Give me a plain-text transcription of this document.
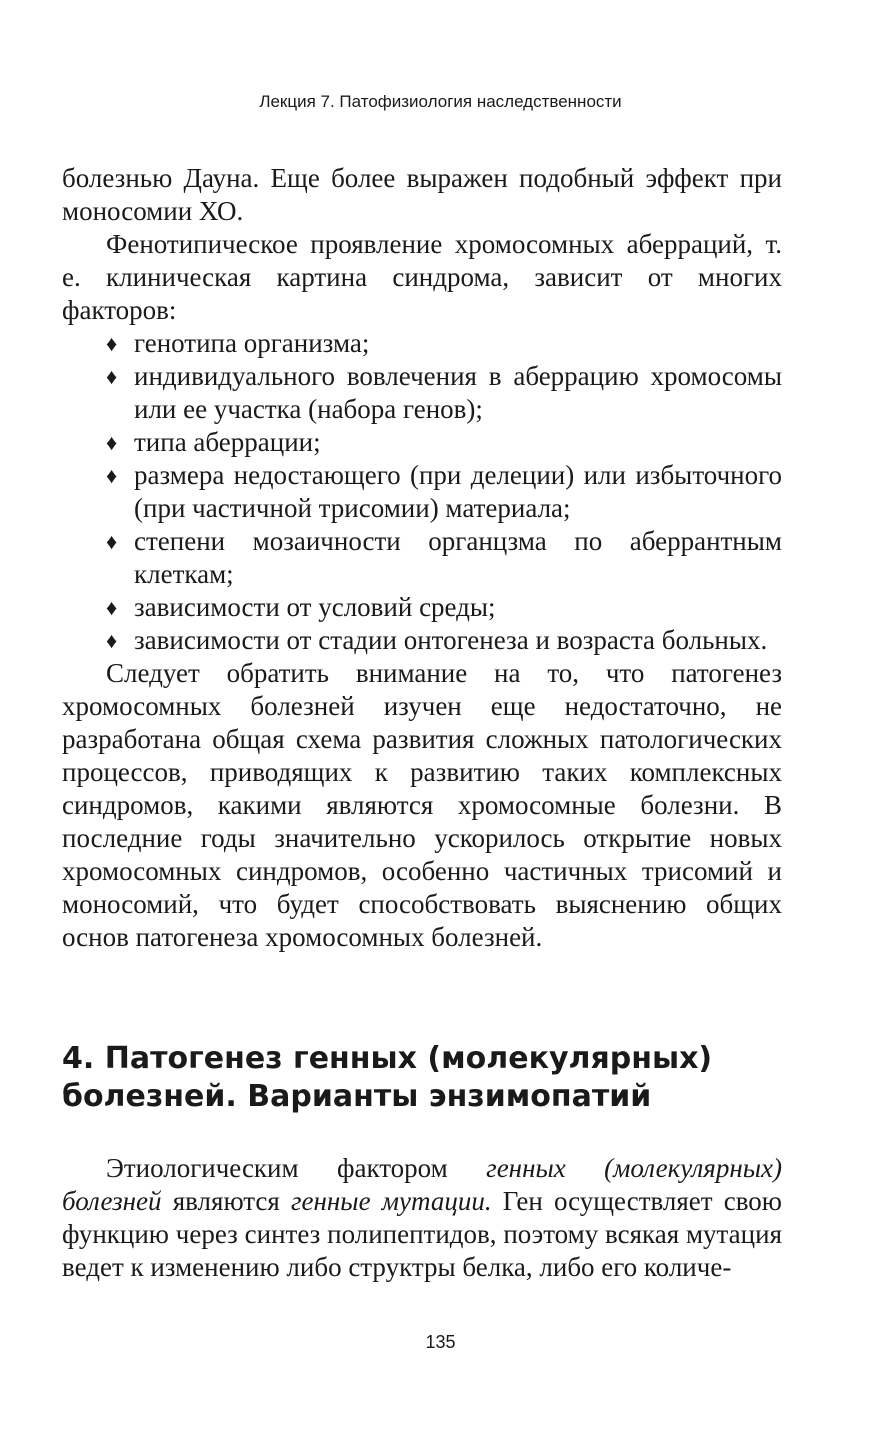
Лекция 7. Патофизиология наследственности

болезнью Дауна. Еще более выражен подобный эффект при моносомии ХО.

Фенотипическое проявление хромосомных аберраций, т. е. клиническая картина синдрома, зависит от многих факторов:

♦ генотипа организма;
♦ индивидуального вовлечения в аберрацию хромосомы или ее участка (набора генов);
♦ типа аберрации;
♦ размера недостающего (при делеции) или избыточного (при частичной трисомии) материала;
♦ степени мозаичности органцзма по аберрантным клеткам;
♦ зависимости от условий среды;
♦ зависимости от стадии онтогенеза и возраста больных.

Следует обратить внимание на то, что патогенез хромосомных болезней изучен еще недостаточно, не разработана общая схема развития сложных патологических процессов, приводящих к развитию таких комплексных синдромов, какими являются хромосомные болезни. В последние годы значительно ускорилось открытие новых хромосомных синдромов, особенно частичных трисомий и моносомий, что будет способствовать выяснению общих основ патогенеза хромосомных болезней.

4. Патогенез генных (молекулярных) болезней. Варианты энзимопатий

Этиологическим фактором генных (молекулярных) болезней являются генные мутации. Ген осуществляет свою функцию через синтез полипептидов, поэтому всякая мутация ведет к изменению либо структры белка, либо его количе-

135
